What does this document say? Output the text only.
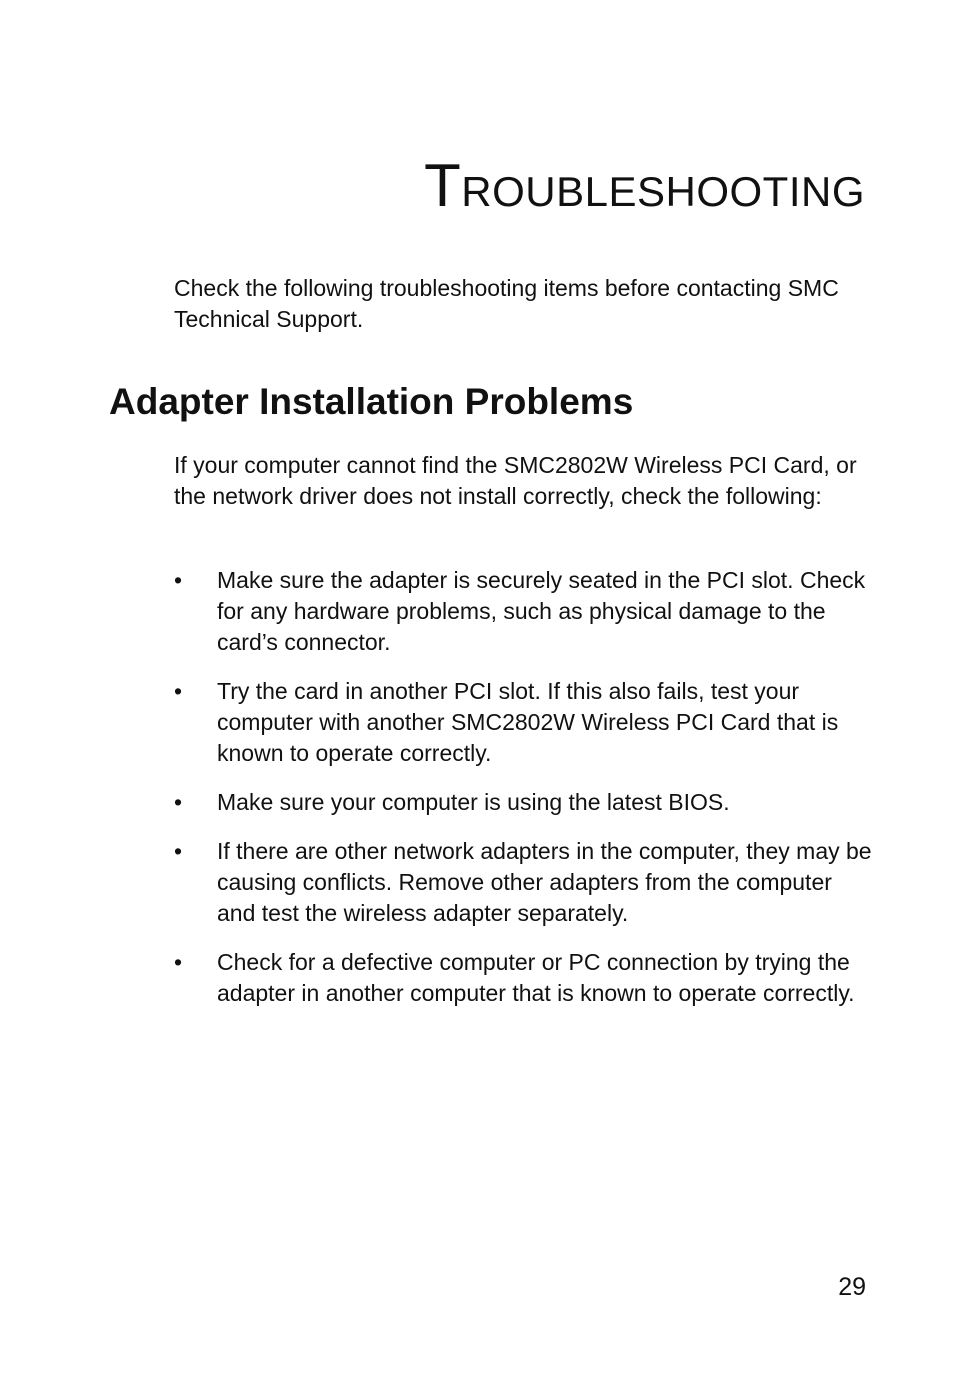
Troubleshooting

Check the following troubleshooting items before contacting SMC Technical Support.

Adapter Installation Problems

If your computer cannot find the SMC2802W Wireless PCI Card, or the network driver does not install correctly, check the following:

•	Make sure the adapter is securely seated in the PCI slot. Check for any hardware problems, such as physical damage to the card’s connector.
•	Try the card in another PCI slot. If this also fails, test your computer with another SMC2802W Wireless PCI Card that is known to operate correctly.
•	Make sure your computer is using the latest BIOS.
•	If there are other network adapters in the computer, they may be causing conflicts. Remove other adapters from the computer and test the wireless adapter separately.
•	Check for a defective computer or PC connection by trying the adapter in another computer that is known to operate correctly.

29
